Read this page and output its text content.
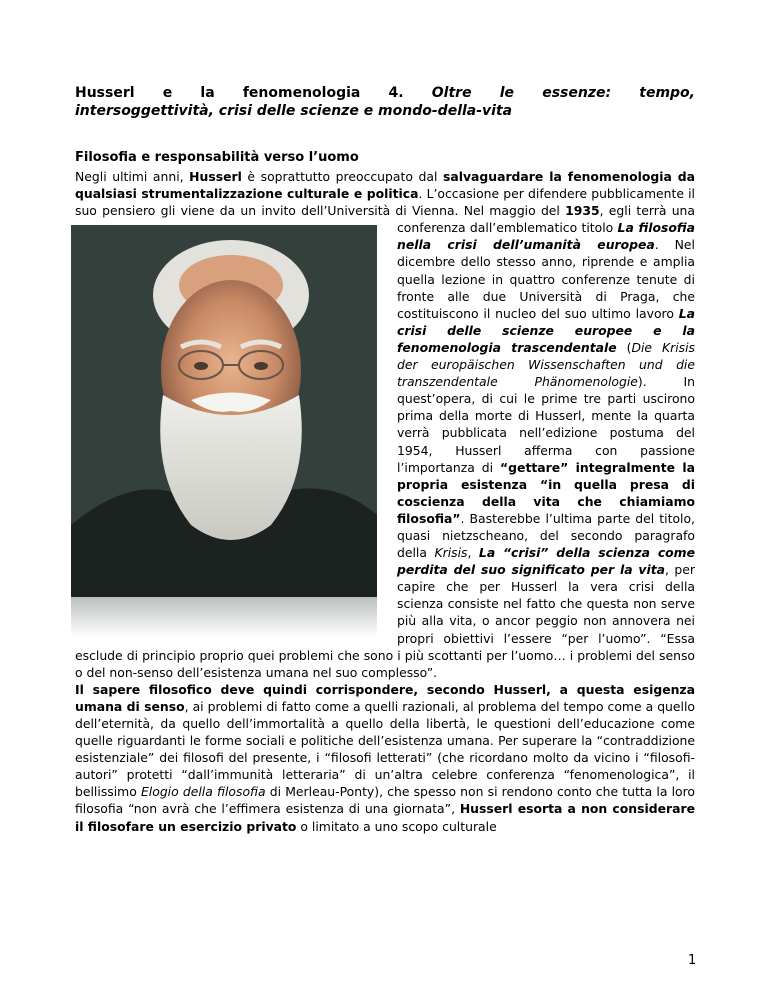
Husserl e la fenomenologia 4. Oltre le essenze: tempo,
intersoggettività, crisi delle scienze e mondo-della-vita
Filosofia e responsabilità verso l’uomo

Negli ultimi anni, Husserl è soprattutto preoccupato dal salvaguardare la fenomenologia da qualsiasi strumentalizzazione culturale e politica. L’occasione per difendere pubblicamente il suo pensiero gli viene da un invito dell’Università di Vienna. Nel maggio del 1935, egli terrà una conferenza dall’emblematico titolo
La filosofia nella crisi dell’umanità europea. Nel dicembre dello stesso anno, riprende e amplia quella lezione in quattro conferenze tenute di fronte alle due Università di Praga, che costituiscono il nucleo del suo ultimo lavoro La crisi delle scienze europee e la fenomenologia trascendentale (Die Krisis der europäischen Wissenschaften und die transzendentale Phänomenologie). In quest’opera, di cui le prime tre parti uscirono prima della morte di Husserl, mente la quarta verrà pubblicata nell’edizione postuma del 1954, Husserl afferma con passione l’importanza di “gettare” integralmente la propria esistenza “in quella presa di coscienza della vita che chiamiamo filosofia”. Basterebbe l’ultima parte del titolo, quasi nietzscheano, del secondo paragrafo della Krisis, La “crisi” della scienza come perdita del suo significato per la vita, per capire che per Husserl la vera crisi della scienza consiste nel fatto che questa non serve più alla vita, o ancor peggio non annovera nei propri obiettivi l’essere “per l’uomo”. “Essa esclude di principio proprio quei problemi che sono i più scottanti per l’uomo… i problemi del senso o del non-senso dell’esistenza umana nel suo complesso”.

Il sapere filosofico deve quindi corrispondere, secondo Husserl, a questa esigenza umana di senso, ai problemi di fatto come a quelli razionali, al problema del tempo come a quello dell’eternità, da quello dell’immortalità a quello della libertà, le questioni dell’educazione come quelle riguardanti le forme sociali e politiche dell’esistenza umana. Per superare la “contraddizione esistenziale” dei filosofi del presente, i “filosofi letterati” (che ricordano molto da vicino i “filosofi-autori” protetti “dall’immunità letteraria” di un’altra celebre conferenza “fenomenologica”, il bellissimo Elogio della filosofia di Merleau-Ponty), che spesso non si rendono conto che tutta la loro filosofia “non avrà che l’effimera esistenza di una giornata”, Husserl esorta a non considerare il filosofare un esercizio privato o limitato a uno scopo culturale

1
